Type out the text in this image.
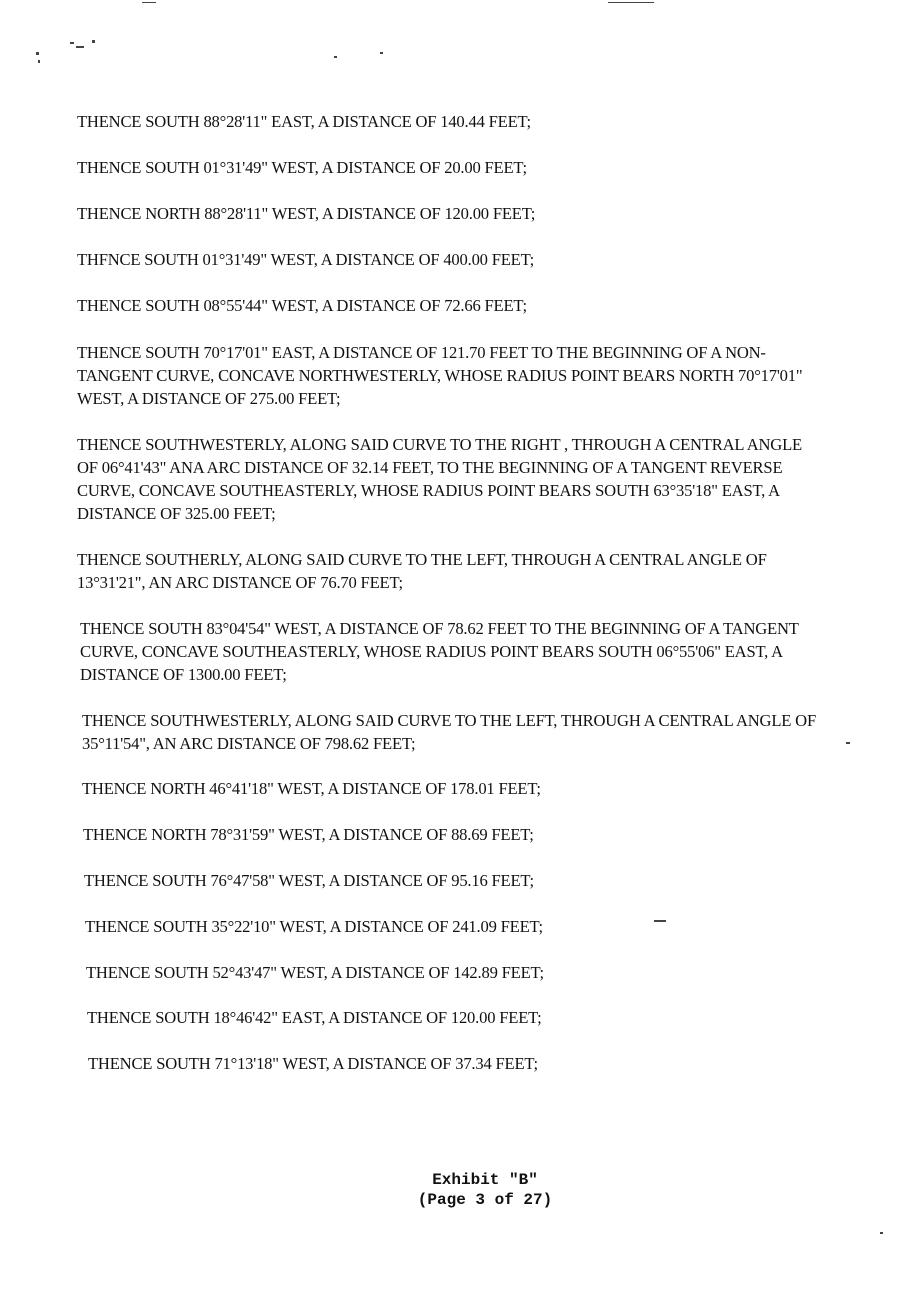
THENCE SOUTH 88°28'11" EAST, A DISTANCE OF 140.44 FEET;

THENCE SOUTH 01°31'49" WEST, A DISTANCE OF 20.00 FEET;

THENCE NORTH 88°28'11" WEST, A DISTANCE OF 120.00 FEET;

THFNCE SOUTH 01°31'49" WEST, A DISTANCE OF 400.00 FEET;

THENCE SOUTH 08°55'44" WEST, A DISTANCE OF 72.66 FEET;

THENCE SOUTH 70°17'01" EAST, A DISTANCE OF 121.70 FEET TO THE BEGINNING OF A NON-TANGENT CURVE, CONCAVE NORTHWESTERLY, WHOSE RADIUS POINT BEARS NORTH 70°17'01" WEST, A DISTANCE OF 275.00 FEET;

THENCE SOUTHWESTERLY, ALONG SAID CURVE TO THE RIGHT , THROUGH A CENTRAL ANGLE OF 06°41'43" ANA ARC DISTANCE OF 32.14 FEET, TO THE BEGINNING OF A TANGENT REVERSE CURVE, CONCAVE SOUTHEASTERLY, WHOSE RADIUS POINT BEARS SOUTH 63°35'18" EAST, A DISTANCE OF 325.00 FEET;

THENCE SOUTHERLY, ALONG SAID CURVE TO THE LEFT, THROUGH A CENTRAL ANGLE OF 13°31'21", AN ARC DISTANCE OF 76.70 FEET;

THENCE SOUTH 83°04'54" WEST, A DISTANCE OF 78.62 FEET TO THE BEGINNING OF A TANGENT CURVE, CONCAVE SOUTHEASTERLY, WHOSE RADIUS POINT BEARS SOUTH 06°55'06" EAST, A DISTANCE OF 1300.00 FEET;

THENCE SOUTHWESTERLY, ALONG SAID CURVE TO THE LEFT, THROUGH A CENTRAL ANGLE OF 35°11'54", AN ARC DISTANCE OF 798.62 FEET;

THENCE NORTH 46°41'18" WEST, A DISTANCE OF 178.01 FEET;

THENCE NORTH 78°31'59" WEST, A DISTANCE OF 88.69 FEET;

THENCE SOUTH 76°47'58" WEST, A DISTANCE OF 95.16 FEET;

THENCE SOUTH 35°22'10" WEST, A DISTANCE OF 241.09 FEET;

THENCE SOUTH 52°43'47" WEST, A DISTANCE OF 142.89 FEET;

THENCE SOUTH 18°46'42" EAST, A DISTANCE OF 120.00 FEET;

THENCE SOUTH 71°13'18" WEST, A DISTANCE OF 37.34 FEET;

Exhibit "B"

(Page 3 of 27)
